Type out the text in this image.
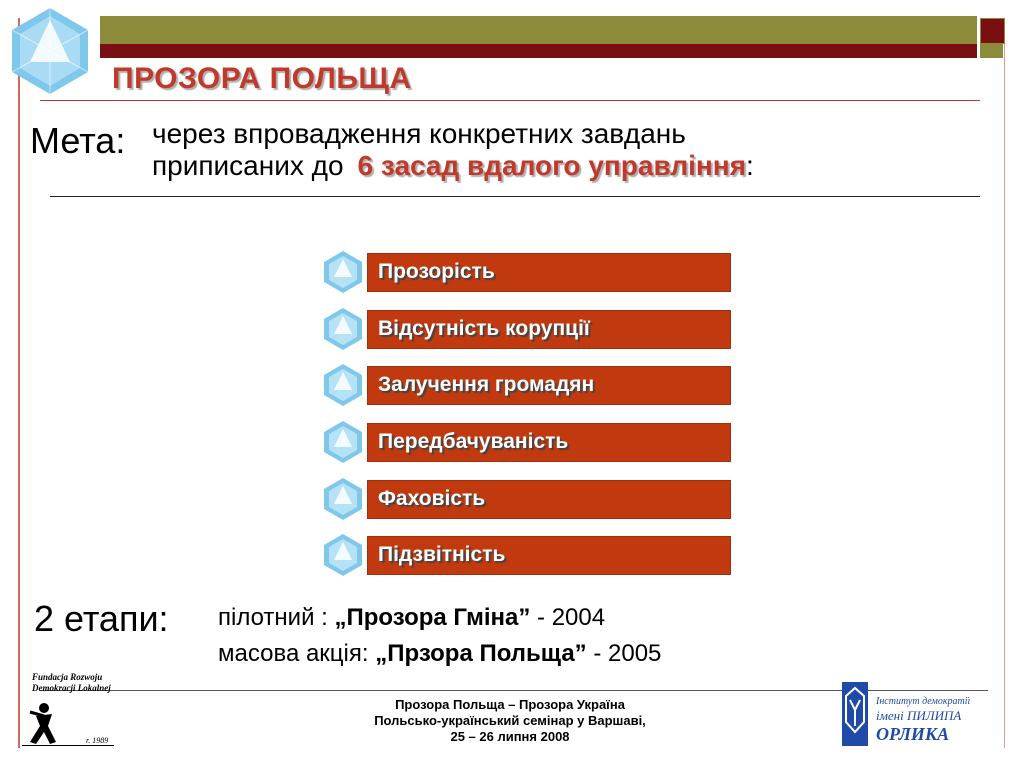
ПРОЗОРА ПОЛЬЩА
Мета: через впровадження конкретних завдань
приписаних до 6 засад вдалого управління:
Прозорість
Відсутність корупції
Залучення громадян
Передбачуваність
Фаховість
Підзвітність
2 етапи: пілотний : „Прозора Гміна” - 2004
масова акція: „Прзора Польща” - 2005
Fundacja Rozwoju
Demokracji Lokalnej
r. 1989
Прозора Польща – Прозора Україна
Польсько-український семінар у Варшаві,
25 – 26 липня 2008
Інститут демократії
імені ПИЛИПА
ОРЛИКА
